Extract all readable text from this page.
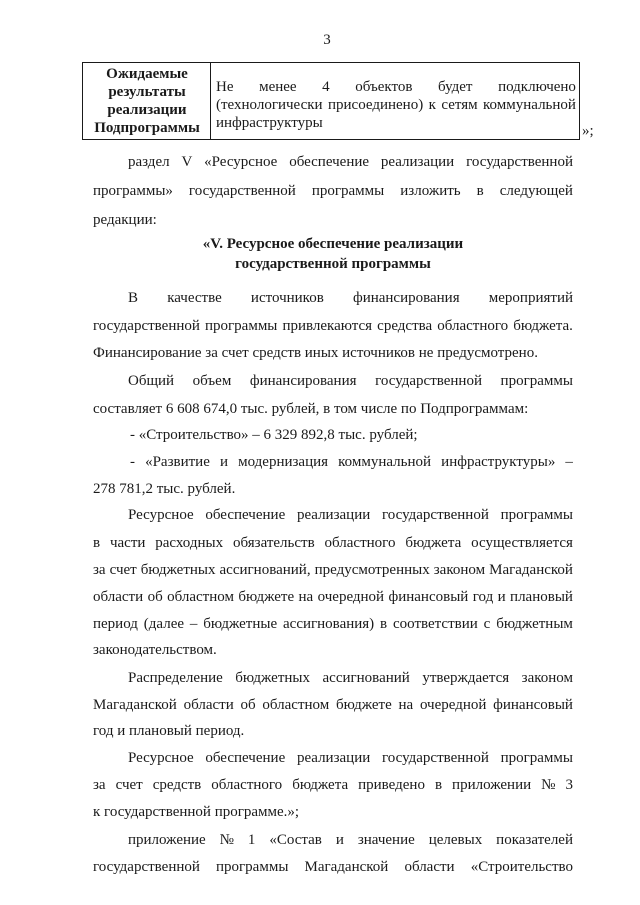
3
Ожидаемые
результаты
реализации
Подпрограммы
Не менее 4 объектов будет подключено
(технологически присоединено) к сетям коммунальной
инфраструктуры	»;
раздел V «Ресурсное обеспечение реализации государственной
программы» государственной программы изложить в следующей
редакции:
«V. Ресурсное обеспечение реализации
государственной программы
В качестве источников финансирования мероприятий
государственной программы привлекаются средства областного бюджета.
Финансирование за счет средств иных источников не предусмотрено.
Общий объем финансирования государственной программы
составляет 6 608 674,0 тыс. рублей, в том числе по Подпрограммам:
- «Строительство» – 6 329 892,8 тыс. рублей;
- «Развитие и модернизация коммунальной инфраструктуры» –
278 781,2 тыс. рублей.
Ресурсное обеспечение реализации государственной программы
в части расходных обязательств областного бюджета осуществляется
за счет бюджетных ассигнований, предусмотренных законом Магаданской
области об областном бюджете на очередной финансовый год и плановый
период (далее – бюджетные ассигнования) в соответствии с бюджетным
законодательством.
Распределение бюджетных ассигнований утверждается законом
Магаданской области об областном бюджете на очередной финансовый
год и плановый период.
Ресурсное обеспечение реализации государственной программы
за счет средств областного бюджета приведено в приложении № 3
к государственной программе.»;
приложение № 1 «Состав и значение целевых показателей
государственной программы Магаданской области «Строительство
